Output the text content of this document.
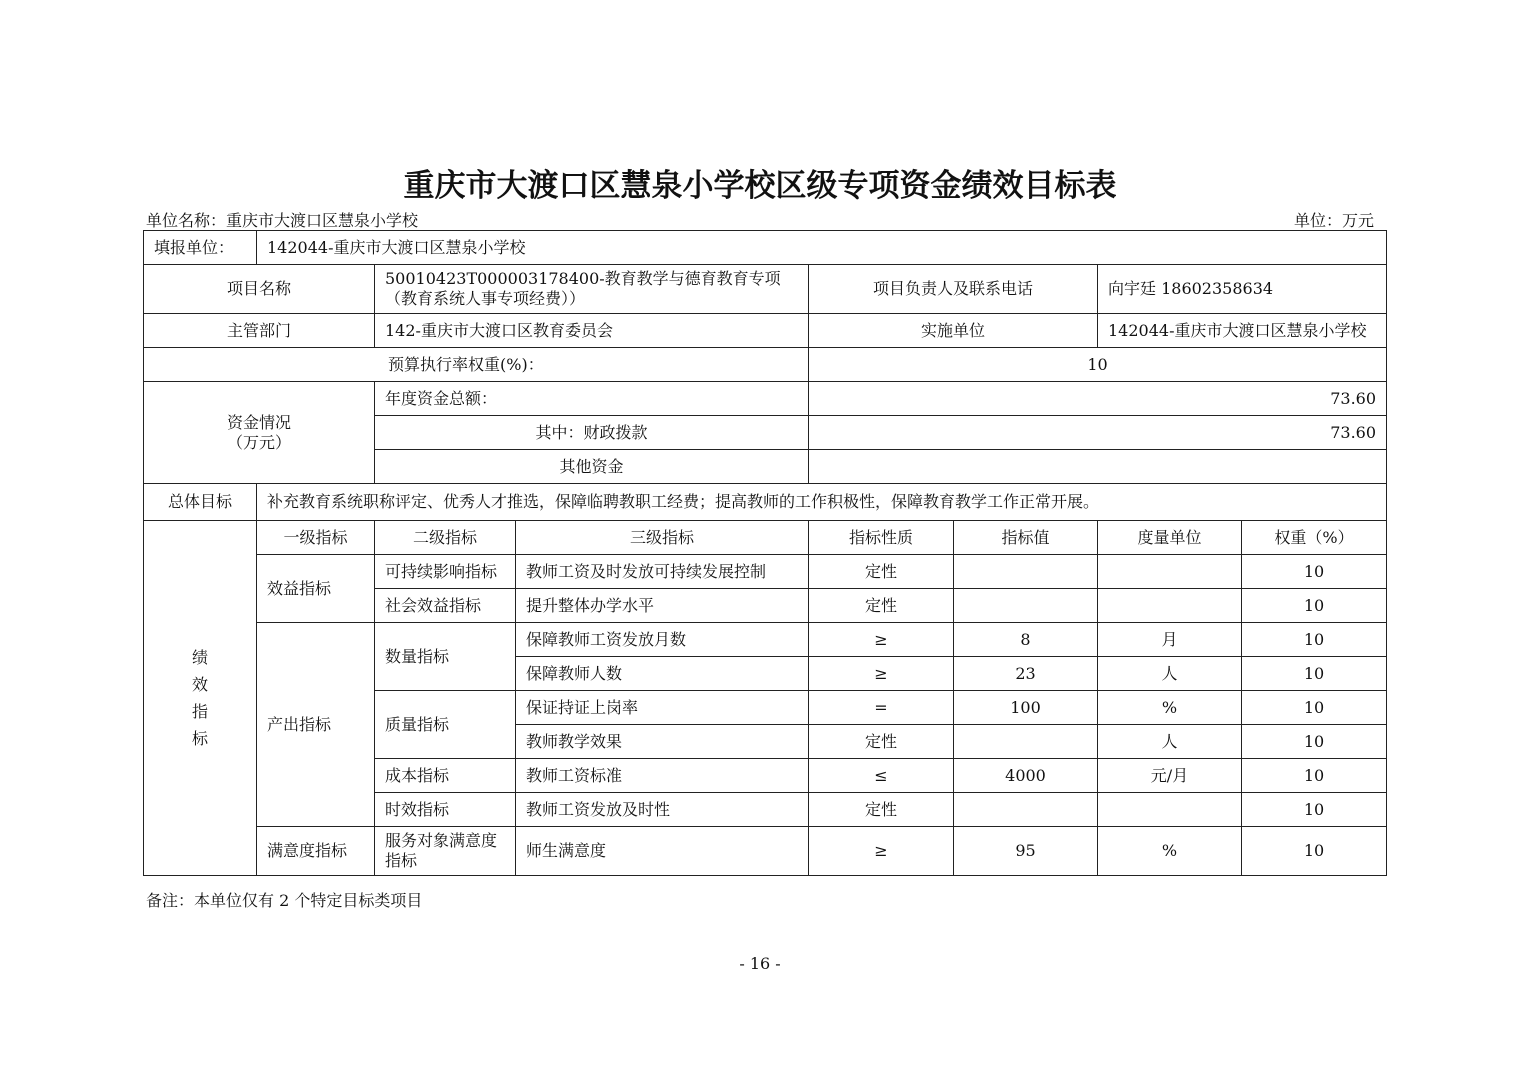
重庆市大渡口区慧泉小学校区级专项资金绩效目标表
单位名称：重庆市大渡口区慧泉小学校	单位：万元
填报单位：	142044-重庆市大渡口区慧泉小学校						
项目名称		50010423T000003178400-教育教学与德育教育专项（教育系统人事专项经费））		项目负责人及联系电话		向宇廷 18602358634	
主管部门		142-重庆市大渡口区教育委员会		实施单位		142044-重庆市大渡口区慧泉小学校	
预算执行率权重(%)：				10			

资金情况
（万元）		年度资金总额：		73.60			
		其中：财政拨款		73.60			
		其他资金					
总体目标	补充教育系统职称评定、优秀人才推选，保障临聘教职工经费；提高教师的工作积极性，保障教育教学工作正常开展。						

绩
效
指
标	一级指标	二级指标	三级指标	指标性质	指标值	度量单位	权重（%）
	效益指标	可持续影响指标	教师工资及时发放可持续发展控制	定性			10
		社会效益指标	提升整体办学水平	定性			10
	产出指标	数量指标	保障教师工资发放月数	≥	8	月	10
			保障教师人数	≥	23	人	10
		质量指标	保证持证上岗率	=	100	%	10
			教师教学效果	定性		人	10
		成本指标	教师工资标准	≤	4000	元/月	10
		时效指标	教师工资发放及时性	定性			10
	满意度指标	服务对象满意度指标	师生满意度	≥	95	%	10
备注：本单位仅有 2 个特定目标类项目
- 16 -
